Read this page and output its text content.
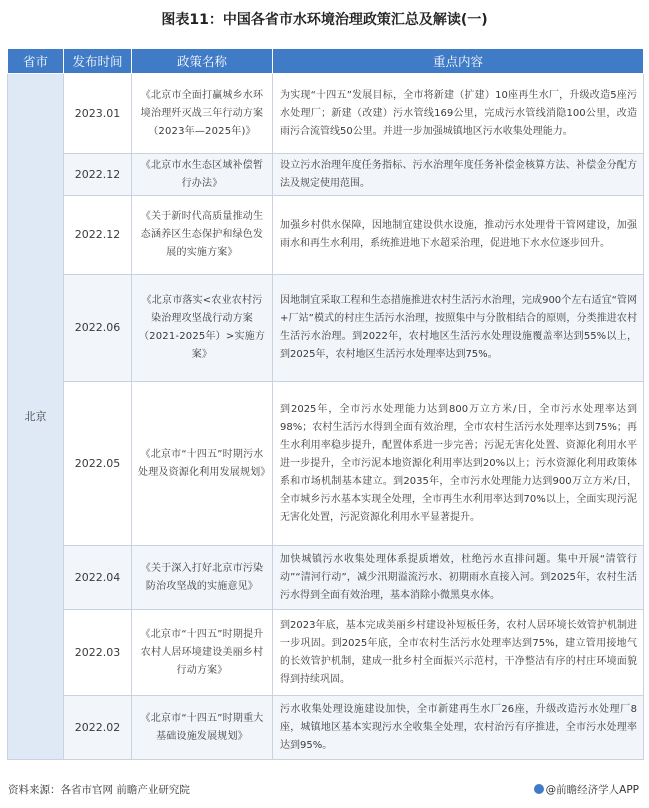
图表11：中国各省市水环境治理政策汇总及解读(一)
省市	发布时间	政策名称	重点内容
北京	2023.01	《北京市全面打赢城乡水环境治理歼灭战三年行动方案（2023年—2025年)》	为实现“十四五”发展目标，全市将新建（扩建）10座再生水厂，升级改造5座污水处理厂；新建（改建）污水管线169公里，完成污水管线消隐100公里，改造雨污合流管线50公里。并进一步加强城镇地区污水收集处理能力。
	2022.12	《北京市水生态区域补偿暂行办法》	设立污水治理年度任务指标、污水治理年度任务补偿金核算方法、补偿金分配方法及规定使用范围。
	2022.12	《关于新时代高质量推动生态涵养区生态保护和绿色发展的实施方案》	加强乡村供水保障，因地制宜建设供水设施，推动污水处理骨干管网建设，加强雨水和再生水利用，系统推进地下水超采治理，促进地下水水位逐步回升。
	2022.06	《北京市落实<农业农村污染治理攻坚战行动方案（2021-2025年）>实施方案》	因地制宜采取工程和生态措施推进农村生活污水治理，完成900个左右适宜“管网+厂站”模式的村庄生活污水治理，按照集中与分散相结合的原则，分类推进农村生活污水治理。到2022年，农村地区生活污水处理设施覆盖率达到55%以上，到2025年，农村地区生活污水处理率达到75%。
	2022.05	《北京市“十四五”时期污水处理及资源化利用发展规划》	到2025年，全市污水处理能力达到800万立方米/日，全市污水处理率达到98%；农村生活污水得到全面有效治理，全市农村生活污水处理率达到75%；再生水利用率稳步提升，配置体系进一步完善；污泥无害化处置、资源化利用水平进一步提升，全市污泥本地资源化利用率达到20%以上；污水资源化利用政策体系和市场机制基本建立。到2035年，全市污水处理能力达到900万立方米/日，全市城乡污水基本实现全处理，全市再生水利用率达到70%以上，全面实现污泥无害化处置，污泥资源化利用水平显著提升。
	2022.04	《关于深入打好北京市污染防治攻坚战的实施意见》	加快城镇污水收集处理体系提质增效，杜绝污水直排问题。集中开展“清管行动”“清河行动”，减少汛期溢流污水、初期雨水直接入河。到2025年，农村生活污水得到全面有效治理，基本消除小微黑臭水体。
	2022.03	《北京市“十四五”时期提升农村人居环境建设美丽乡村行动方案》	到2023年底，基本完成美丽乡村建设补短板任务，农村人居环境长效管护机制进一步巩固。到2025年底，全市农村生活污水处理率达到75%，建立管用接地气的长效管护机制，建成一批乡村全面振兴示范村，干净整洁有序的村庄环境面貌得到持续巩固。
	2022.02	《北京市“十四五”时期重大基础设施发展规划》	污水收集处理设施建设加快，全市新建再生水厂26座，升级改造污水处理厂8座，城镇地区基本实现污水全收集全处理，农村治污有序推进，全市污水处理率达到95%。
资料来源：各省市官网 前瞻产业研究院	@前瞻经济学人APP
